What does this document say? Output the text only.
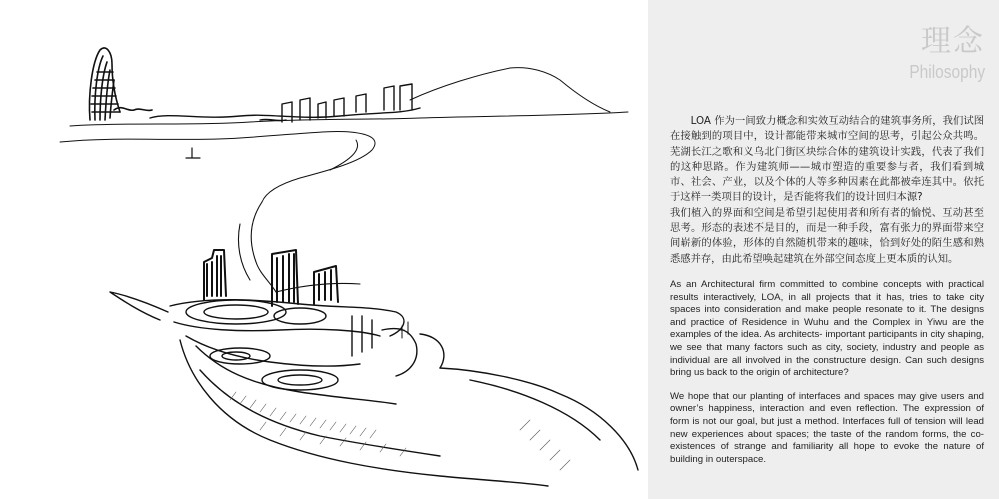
理念
Philosophy

LOA 作为一间致力概念和实效互动结合的建筑事务所，我们试图在接触到的项目中，设计都能带来城市空间的思考，引起公众共鸣。芜湖长江之歌和义乌北门街区块综合体的建筑设计实践，代表了我们的这种思路。作为建筑师——城市塑造的重要参与者，我们看到城市、社会、产业，以及个体的人等多种因素在此都被牵连其中。依托于这样一类项目的设计，是否能将我们的设计回归本源?

我们植入的界面和空间是希望引起使用者和所有者的愉悦、互动甚至思考。形态的表述不是目的，而是一种手段，富有张力的界面带来空间崭新的体验，形体的自然随机带来的趣味，恰到好处的陌生感和熟悉感并存，由此希望唤起建筑在外部空间态度上更本质的认知。

As an Architectural firm committed to combine concepts with practical results interactively, LOA, in all projects that it has, tries to take city spaces into consideration and make people resonate to it. The designs and practice of Residence in Wuhu and the Complex in Yiwu are the examples of the idea. As architects- important participants in city shaping, we see that many factors such as city, society, industry and people as individual are all involved in the constructure design. Can such designs bring us back to the origin of architecture?

We hope that our planting of interfaces and spaces may give users and owner’s happiness, interaction and even reflection. The expression of form is not our goal, but just a method. Interfaces full of tension will lead new experiences about spaces; the taste of the random forms, the co-existences of strange and familiarity all hope to evoke the nature of building in outerspace.
